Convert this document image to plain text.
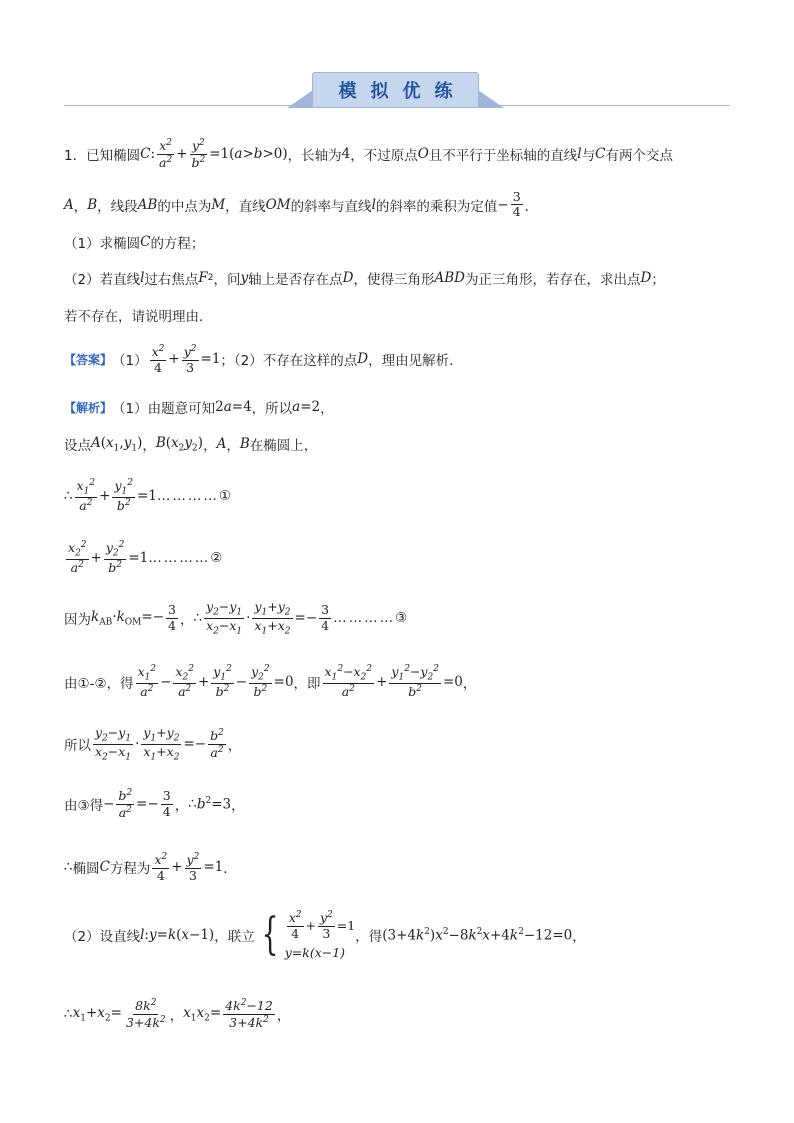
模拟优练
1． 已知椭圆 C : $\frac{x^2}{a^2} + \frac{y^2}{b^2} =1(a>b>0)$ ，长轴为 4 ，不过原点 O 且不平行于坐标轴的直线 l 与 C 有两个交点
A ， B ，线段 AB 的中点为 M ，直线 OM 的斜率与直线 l 的斜率的乘积为定值 − $\frac{3}{4}$ ．
（1）求椭圆 C 的方程；
（2）若直线 l 过右焦点 F 2 ，问 y 轴上是否存在点 D ，使得三角形 ABD 为正三角形，若存在，求出点 D ；
若不存在，请说明理由．
【答案】 $(1) \frac{x^2}{4} + \frac{y^2}{3} =1$ ；（2）不存在这样的点 D ，理由见解析．
【解析】 （1）由题意可知 2a=4 ，所以 a=2 ，
设点 $A(x_1,y_1)$ ， $B(x_2y_2)$ ， A ， B 在椭圆上，
∴ $\frac{x_1^2}{a^2} + \frac{y_1^2}{b^2} =1$ ………… ①
$\frac{x_2^2}{a^2} + \frac{y_2^2}{b^2} =1$ ………… ②
因为 $k_{AB}\cdot k_{OM}=- \frac{3}{4}$ ， ∴ $\frac{y_2-y_1}{x_2-x_1} \cdot \frac{y_1+y_2}{x_1+x_2} =- \frac{3}{4}$ ………… ③
由①-②，得 $\frac{x_1^2}{a^2} - \frac{x_2^2}{a^2} + \frac{y_1^2}{b^2} - \frac{y_2^2}{b^2} =0$ ，即 $\frac{x_1^2-x_2^2}{a^2} + \frac{y_1^2-y_2^2}{b^2} =0$ ，
所以 $\frac{y_2-y_1}{x_2-x_1} \cdot \frac{y_1+y_2}{x_1+x_2} =- \frac{b^2}{a^2}$ ，
由③得 − $\frac{b^2}{a^2} =- \frac{3}{4}$ ， ∴ $b^2=3$ ，
∴ 椭圆 C 方程为 $\frac{x^2}{4} + \frac{y^2}{3} =1$ ．
（2）设直线 l:y=k(x−1) ，联立 { $\frac{x^2}{4} + \frac{y^2}{3} =1$
y=k(x−1)
，得 $(3+4k^2)x^2-8k^2x+4k^2-12=0$ ，
∴ $x_1+x_2= \frac{8k^2}{3+4k^2}$ ， $x_1x_2= \frac{4k^2-12}{3+4k^2}$ ，
